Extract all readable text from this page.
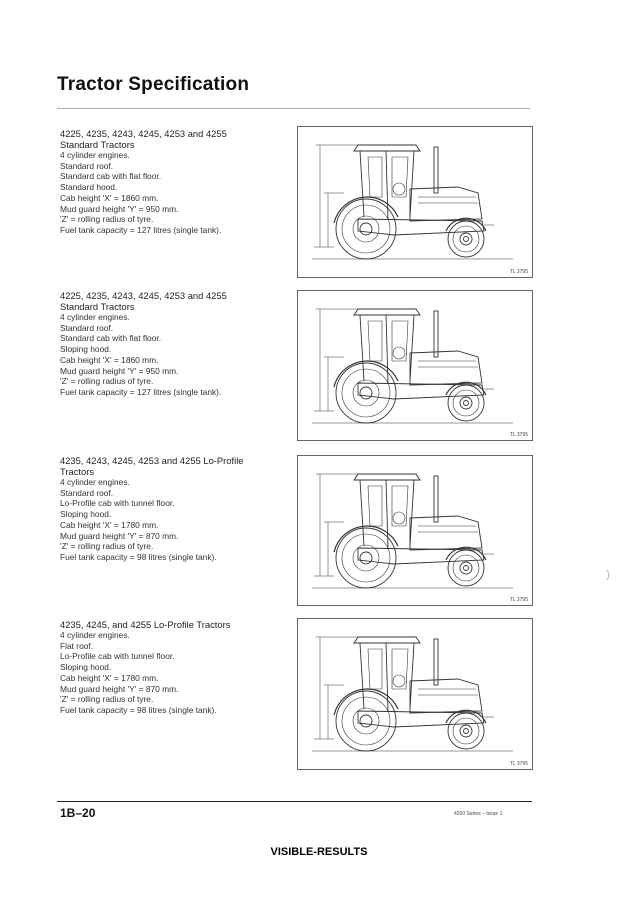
Tractor Specification
4225, 4235, 4243, 4245, 4253 and 4255
Standard Tractors
4 cylinder engines.
Standard roof.
Standard cab with flat floor.
Standard hood.
Cab height 'X' = 1860 mm.
Mud guard height 'Y' = 950 mm.
'Z' = rolling radius of tyre.
Fuel tank capacity = 127 litres (single tank).
TL 3795
4225, 4235, 4243, 4245, 4253 and 4255
Standard Tractors
4 cylinder engines.
Standard roof.
Standard cab with flat floor.
Sloping hood.
Cab height 'X' = 1860 mm.
Mud guard height 'Y' = 950 mm.
'Z' = rolling radius of tyre.
Fuel tank capacity = 127 litres (single tank).
TL 3795
4235, 4243, 4245, 4253 and 4255 Lo-Profile
Tractors
4 cylinder engines.
Standard roof.
Lo-Profile cab with tunnel floor.
Sloping hood.
Cab height 'X' = 1780 mm.
Mud guard height 'Y' = 870 mm.
'Z' = rolling radius of tyre.
Fuel tank capacity = 98 litres (single tank).
TL 3795
4235, 4245, and 4255 Lo-Profile Tractors
4 cylinder engines.
Flat roof.
Lo-Profile cab with tunnel floor.
Sloping hood.
Cab height 'X' = 1780 mm.
Mud guard height 'Y' = 870 mm.
'Z' = rolling radius of tyre.
Fuel tank capacity = 98 litres (single tank).
TL 3795
)
1B–20	4200 Series – Issue 1
VISIBLE-RESULTS
